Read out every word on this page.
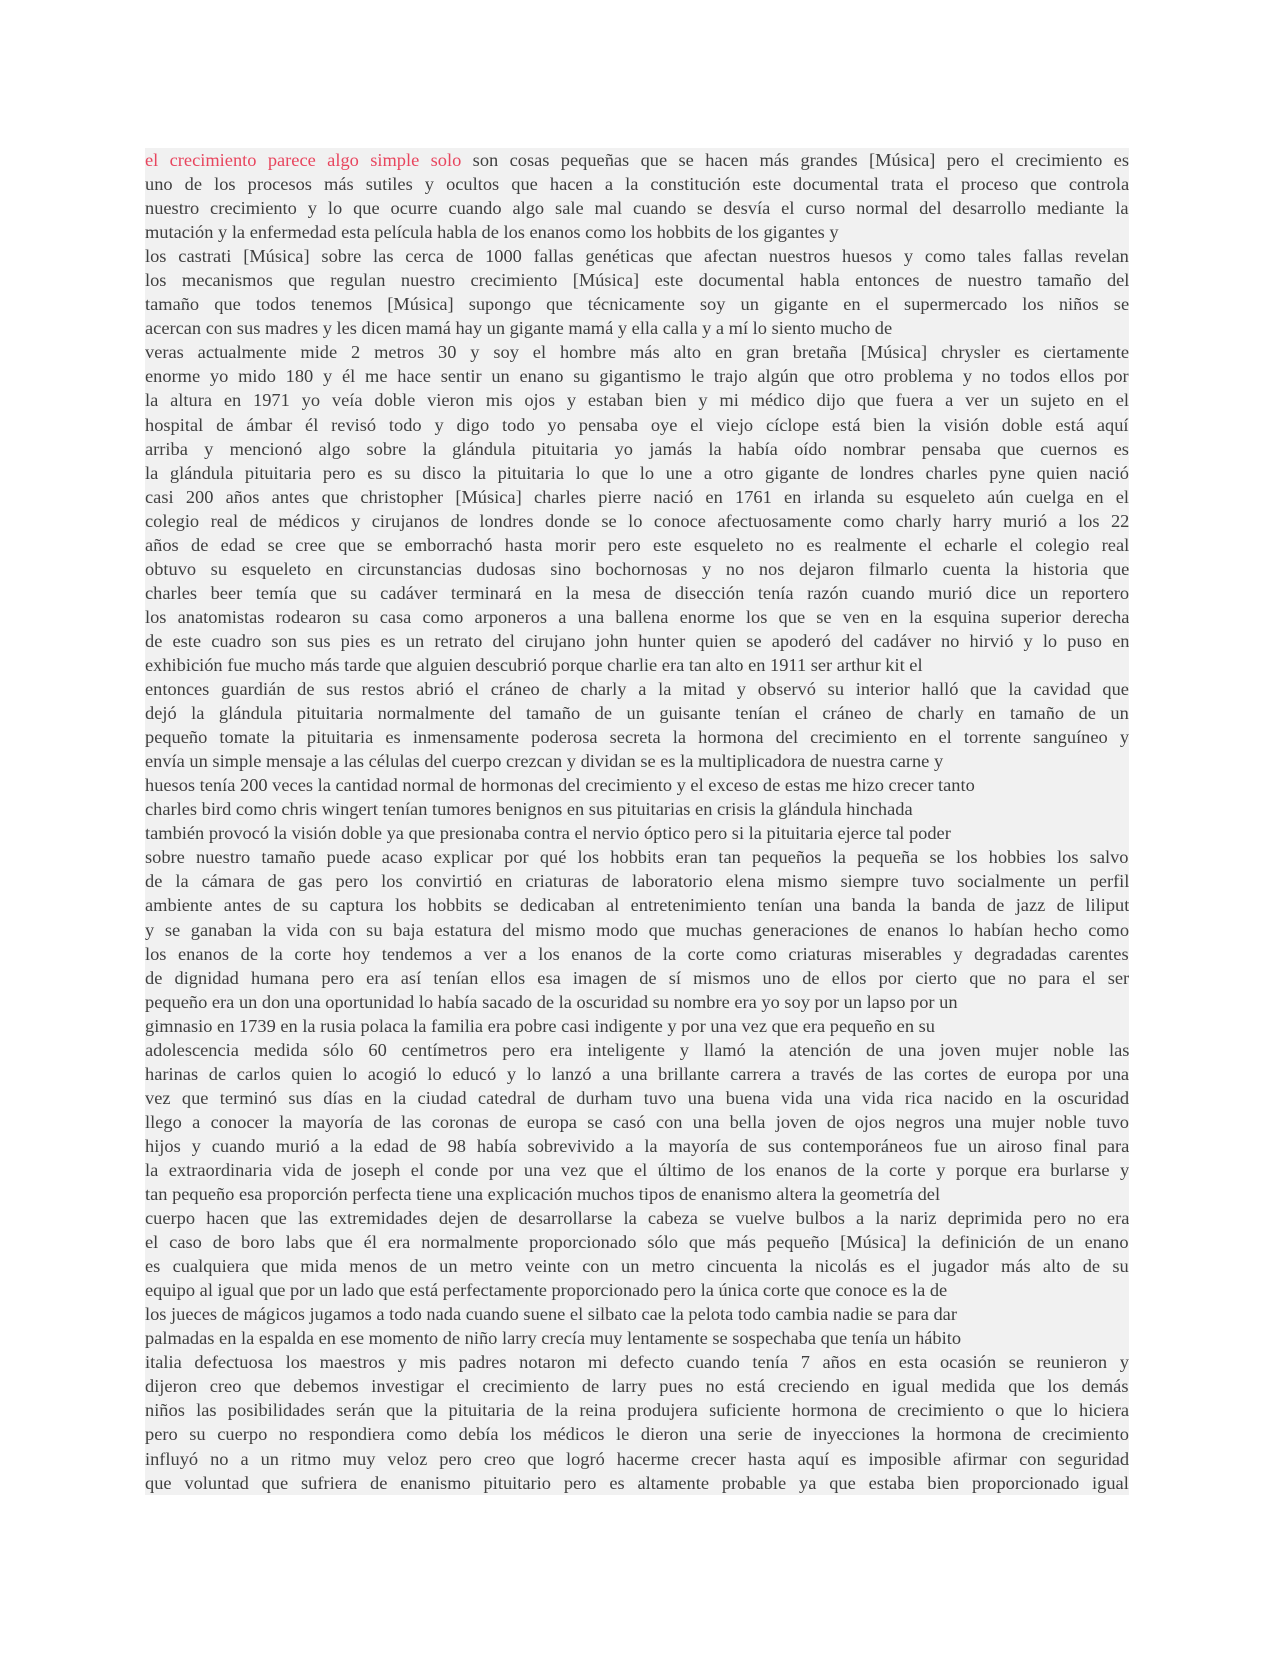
el crecimiento parece algo simple solo son cosas pequeñas que se hacen más grandes [Música] pero el crecimiento es
uno de los procesos más sutiles y ocultos que hacen a la constitución este documental trata el proceso que controla
nuestro crecimiento y lo que ocurre cuando algo sale mal cuando se desvía el curso normal del desarrollo mediante la
mutación y la enfermedad esta película habla de los enanos como los hobbits de los gigantes y
los castrati [Música] sobre las cerca de 1000 fallas genéticas que afectan nuestros huesos y como tales fallas revelan
los mecanismos que regulan nuestro crecimiento [Música] este documental habla entonces de nuestro tamaño del
tamaño que todos tenemos [Música] supongo que técnicamente soy un gigante en el supermercado los niños se
acercan con sus madres y les dicen mamá hay un gigante mamá y ella calla y a mí lo siento mucho de
veras actualmente mide 2 metros 30 y soy el hombre más alto en gran bretaña [Música] chrysler es ciertamente
enorme yo mido 180 y él me hace sentir un enano su gigantismo le trajo algún que otro problema y no todos ellos por
la altura en 1971 yo veía doble vieron mis ojos y estaban bien y mi médico dijo que fuera a ver un sujeto en el
hospital de ámbar él revisó todo y digo todo yo pensaba oye el viejo cíclope está bien la visión doble está aquí
arriba y mencionó algo sobre la glándula pituitaria yo jamás la había oído nombrar pensaba que cuernos es
la glándula pituitaria pero es su disco la pituitaria lo que lo une a otro gigante de londres charles pyne quien nació
casi 200 años antes que christopher [Música] charles pierre nació en 1761 en irlanda su esqueleto aún cuelga en el
colegio real de médicos y cirujanos de londres donde se lo conoce afectuosamente como charly harry murió a los 22
años de edad se cree que se emborrachó hasta morir pero este esqueleto no es realmente el echarle el colegio real
obtuvo su esqueleto en circunstancias dudosas sino bochornosas y no nos dejaron filmarlo cuenta la historia que
charles beer temía que su cadáver terminará en la mesa de disección tenía razón cuando murió dice un reportero
los anatomistas rodearon su casa como arponeros a una ballena enorme los que se ven en la esquina superior derecha
de este cuadro son sus pies es un retrato del cirujano john hunter quien se apoderó del cadáver no hirvió y lo puso en
exhibición fue mucho más tarde que alguien descubrió porque charlie era tan alto en 1911 ser arthur kit el
entonces guardián de sus restos abrió el cráneo de charly a la mitad y observó su interior halló que la cavidad que
dejó la glándula pituitaria normalmente del tamaño de un guisante tenían el cráneo de charly en tamaño de un
pequeño tomate la pituitaria es inmensamente poderosa secreta la hormona del crecimiento en el torrente sanguíneo y
envía un simple mensaje a las células del cuerpo crezcan y dividan se es la multiplicadora de nuestra carne y
huesos tenía 200 veces la cantidad normal de hormonas del crecimiento y el exceso de estas me hizo crecer tanto
charles bird como chris wingert tenían tumores benignos en sus pituitarias en crisis la glándula hinchada
también provocó la visión doble ya que presionaba contra el nervio óptico pero si la pituitaria ejerce tal poder
sobre nuestro tamaño puede acaso explicar por qué los hobbits eran tan pequeños la pequeña se los hobbies los salvo
de la cámara de gas pero los convirtió en criaturas de laboratorio elena mismo siempre tuvo socialmente un perfil
ambiente antes de su captura los hobbits se dedicaban al entretenimiento tenían una banda la banda de jazz de liliput
y se ganaban la vida con su baja estatura del mismo modo que muchas generaciones de enanos lo habían hecho como
los enanos de la corte hoy tendemos a ver a los enanos de la corte como criaturas miserables y degradadas carentes
de dignidad humana pero era así tenían ellos esa imagen de sí mismos uno de ellos por cierto que no para el ser
pequeño era un don una oportunidad lo había sacado de la oscuridad su nombre era yo soy por un lapso por un
gimnasio en 1739 en la rusia polaca la familia era pobre casi indigente y por una vez que era pequeño en su
adolescencia medida sólo 60 centímetros pero era inteligente y llamó la atención de una joven mujer noble las
harinas de carlos quien lo acogió lo educó y lo lanzó a una brillante carrera a través de las cortes de europa por una
vez que terminó sus días en la ciudad catedral de durham tuvo una buena vida una vida rica nacido en la oscuridad
llego a conocer la mayoría de las coronas de europa se casó con una bella joven de ojos negros una mujer noble tuvo
hijos y cuando murió a la edad de 98 había sobrevivido a la mayoría de sus contemporáneos fue un airoso final para
la extraordinaria vida de joseph el conde por una vez que el último de los enanos de la corte y porque era burlarse y
tan pequeño esa proporción perfecta tiene una explicación muchos tipos de enanismo altera la geometría del
cuerpo hacen que las extremidades dejen de desarrollarse la cabeza se vuelve bulbos a la nariz deprimida pero no era
el caso de boro labs que él era normalmente proporcionado sólo que más pequeño [Música] la definición de un enano
es cualquiera que mida menos de un metro veinte con un metro cincuenta la nicolás es el jugador más alto de su
equipo al igual que por un lado que está perfectamente proporcionado pero la única corte que conoce es la de
los jueces de mágicos jugamos a todo nada cuando suene el silbato cae la pelota todo cambia nadie se para dar
palmadas en la espalda en ese momento de niño larry crecía muy lentamente se sospechaba que tenía un hábito
italia defectuosa los maestros y mis padres notaron mi defecto cuando tenía 7 años en esta ocasión se reunieron y
dijeron creo que debemos investigar el crecimiento de larry pues no está creciendo en igual medida que los demás
niños las posibilidades serán que la pituitaria de la reina produjera suficiente hormona de crecimiento o que lo hiciera
pero su cuerpo no respondiera como debía los médicos le dieron una serie de inyecciones la hormona de crecimiento
influyó no a un ritmo muy veloz pero creo que logró hacerme crecer hasta aquí es imposible afirmar con seguridad
que voluntad que sufriera de enanismo pituitario pero es altamente probable ya que estaba bien proporcionado igual
